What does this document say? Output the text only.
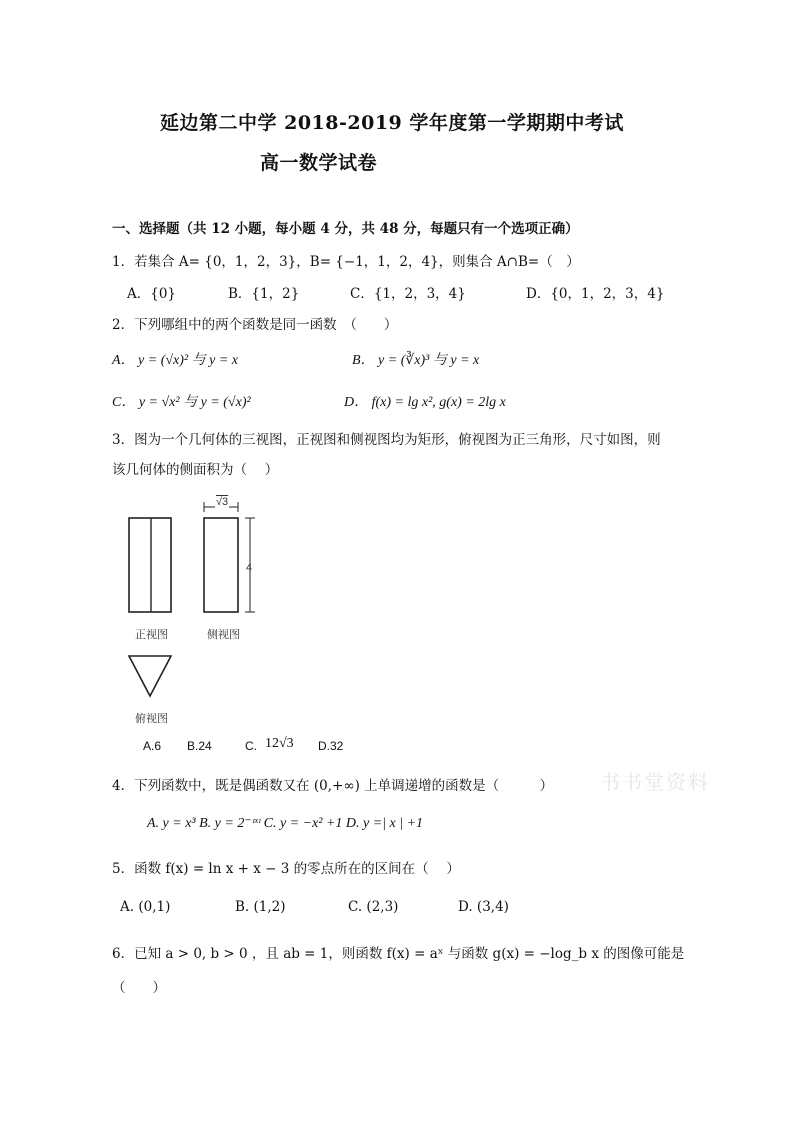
延边第二中学 2018-2019 学年度第一学期期中考试
高一数学试卷
一、选择题（共 12 小题，每小题 4 分，共 48 分，每题只有一个选项正确）
1．若集合 A= {0，1，2，3}，B= {−1，1，2，4}，则集合 A∩B=（　）
A．{0}	B．{1，2}	C．{1，2，3，4}	D．{0，1，2，3，4}
2．下列哪组中的两个函数是同一函数　（　　）
A． y = (√x)² 与 y = x	B． y = (∛x)³ 与 y = x
C． y = √x² 与 y = (√x)²	D． f(x) = lg x², g(x) = 2lg x
3．图为一个几何体的三视图，正视图和侧视图均为矩形，俯视图为正三角形，尺寸如图，则
该几何体的侧面积为（　 ）
√3
4
正视图	侧视图
俯视图
A.6 B.24	C. 12√3 D.32
书书堂资料
4．下列函数中，既是偶函数又在 (0,+∞) 上单调递增的函数是（　　　）
A. y = x³ B. y = 2⁻ᶦˣᶦ C. y = −x² +1 D. y =| x | +1
5．函数 f(x) = ln x + x − 3 的零点所在的区间在（　 ）
A. (0,1)	B. (1,2)	C. (2,3)	D. (3,4)
6．已知 a > 0, b > 0 ，且 ab = 1，则函数 f(x) = aˣ 与函数 g(x) = −log_b x 的图像可能是
（　　）
